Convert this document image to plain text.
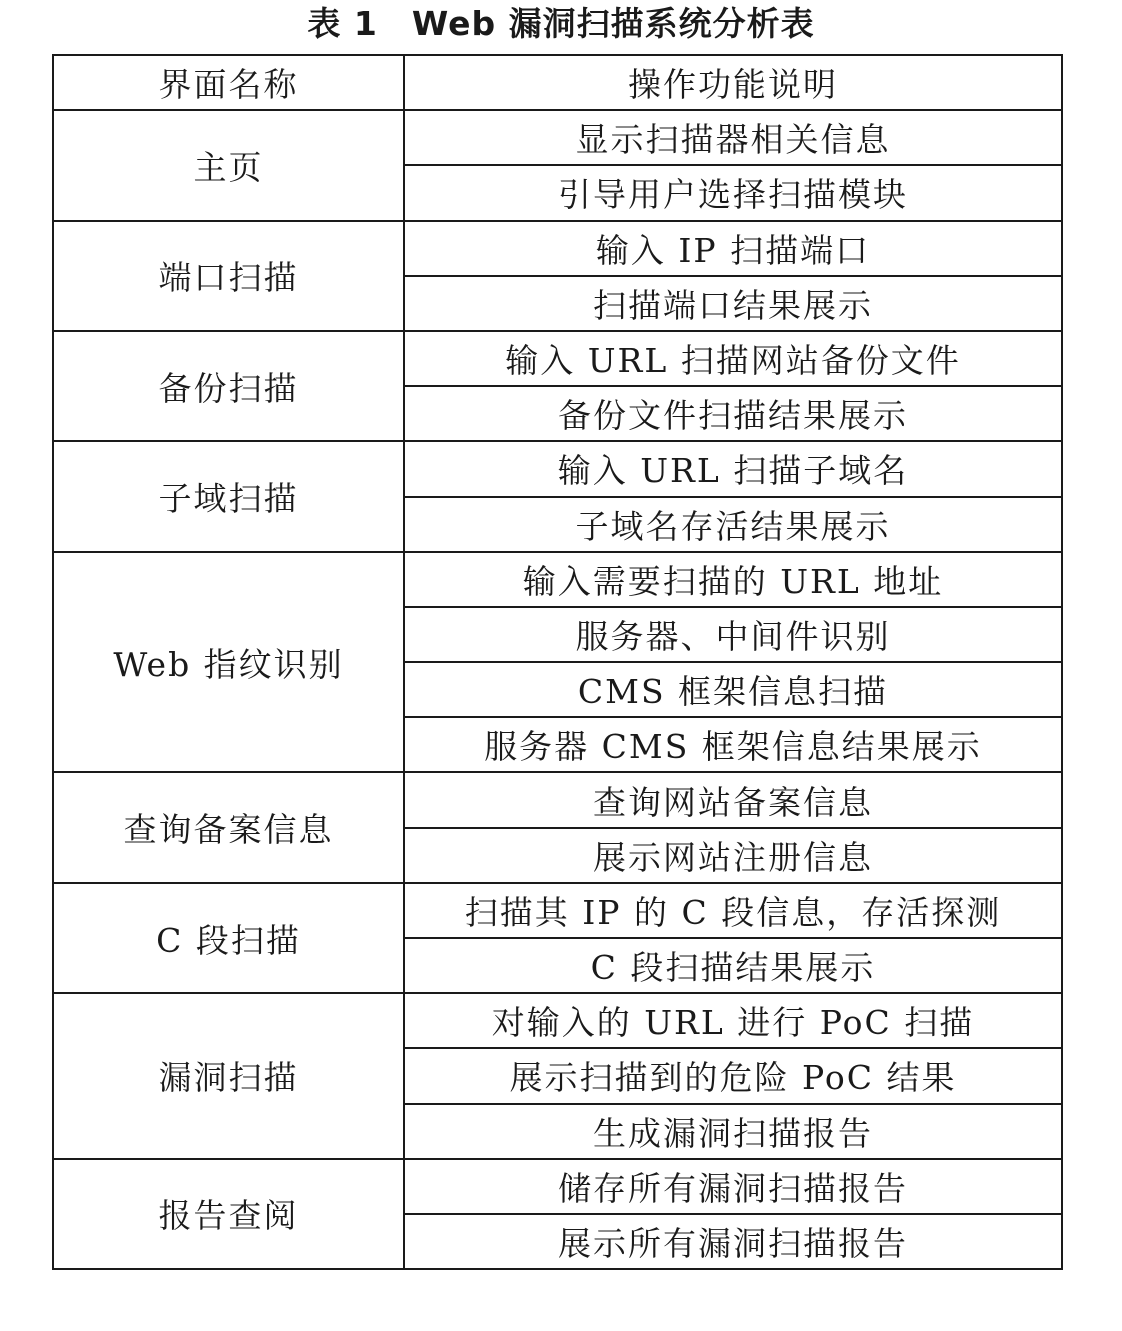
表 1 Web 漏洞扫描系统分析表
界面名称	操作功能说明
主页	显示扫描器相关信息
	引导用户选择扫描模块
端口扫描	输入 IP 扫描端口
	扫描端口结果展示
备份扫描	输入 URL 扫描网站备份文件
	备份文件扫描结果展示
子域扫描	输入 URL 扫描子域名
	子域名存活结果展示
Web 指纹识别	输入需要扫描的 URL 地址
	服务器、中间件识别
	CMS 框架信息扫描
	服务器 CMS 框架信息结果展示
查询备案信息	查询网站备案信息
	展示网站注册信息
C 段扫描	扫描其 IP 的 C 段信息，存活探测
	C 段扫描结果展示
漏洞扫描	对输入的 URL 进行 PoC 扫描
	展示扫描到的危险 PoC 结果
	生成漏洞扫描报告
报告查阅	储存所有漏洞扫描报告
	展示所有漏洞扫描报告
